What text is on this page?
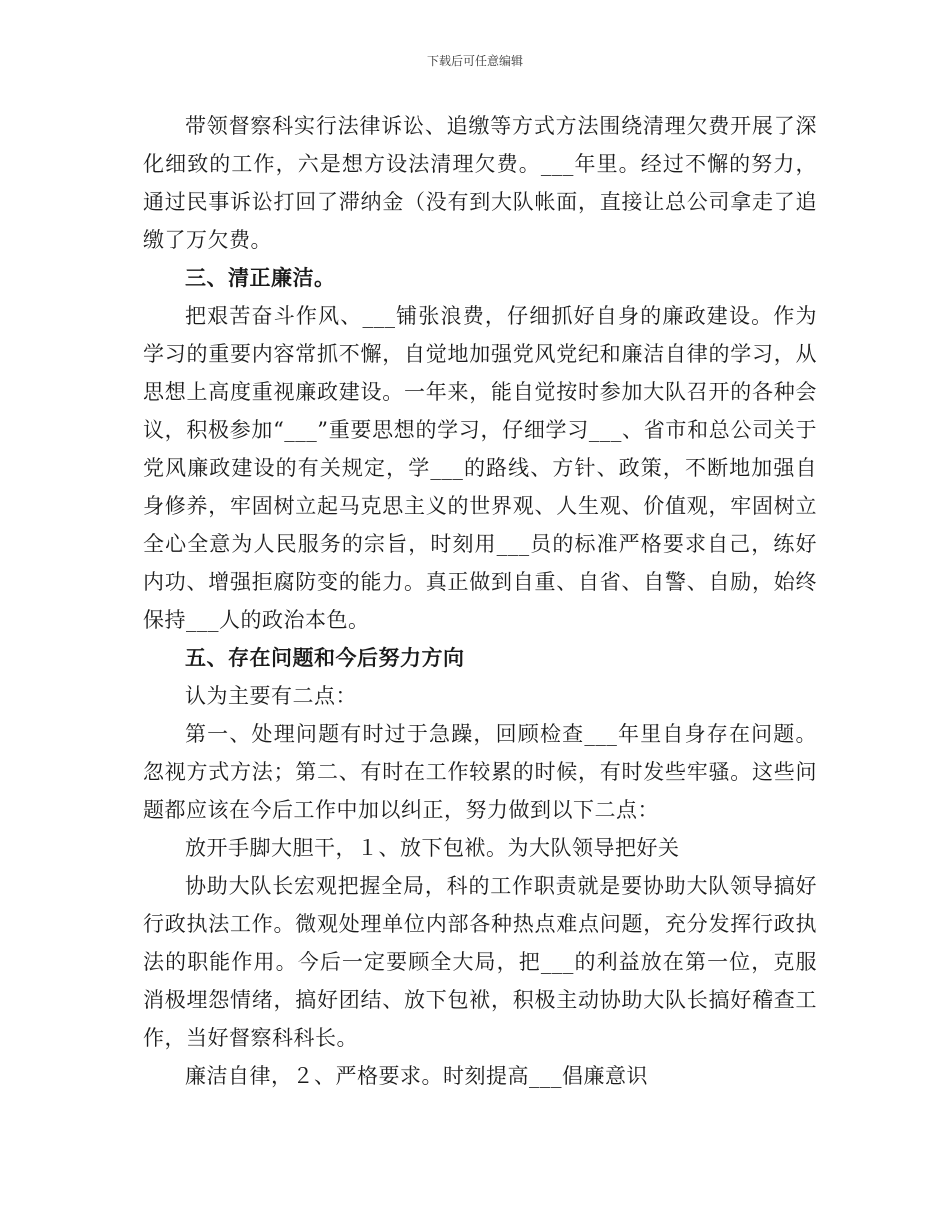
下载后可任意编辑

带领督察科实行法律诉讼、追缴等方式方法围绕清理欠费开展了深化细致的工作，六是想方设法清理欠费。___年里。经过不懈的努力，通过民事诉讼打回了滞纳金（没有到大队帐面，直接让总公司拿走了追缴了万欠费。

三、清正廉洁。

把艰苦奋斗作风、___铺张浪费，仔细抓好自身的廉政建设。作为学习的重要内容常抓不懈，自觉地加强党风党纪和廉洁自律的学习，从思想上高度重视廉政建设。一年来，能自觉按时参加大队召开的各种会议，积极参加“___”重要思想的学习，仔细学习___、省市和总公司关于党风廉政建设的有关规定，学___的路线、方针、政策，不断地加强自身修养，牢固树立起马克思主义的世界观、人生观、价值观，牢固树立全心全意为人民服务的宗旨，时刻用___员的标准严格要求自己，练好内功、增强拒腐防变的能力。真正做到自重、自省、自警、自励，始终保持___人的政治本色。

五、存在问题和今后努力方向

认为主要有二点：

第一、处理问题有时过于急躁，回顾检查___年里自身存在问题。忽视方式方法；第二、有时在工作较累的时候，有时发些牢骚。这些问题都应该在今后工作中加以纠正，努力做到以下二点：

放开手脚大胆干，１、放下包袱。为大队领导把好关

协助大队长宏观把握全局，科的工作职责就是要协助大队领导搞好行政执法工作。微观处理单位内部各种热点难点问题，充分发挥行政执法的职能作用。今后一定要顾全大局，把___的利益放在第一位，克服消极埋怨情绪，搞好团结、放下包袱，积极主动协助大队长搞好稽查工作，当好督察科科长。

廉洁自律，２、严格要求。时刻提高___倡廉意识
